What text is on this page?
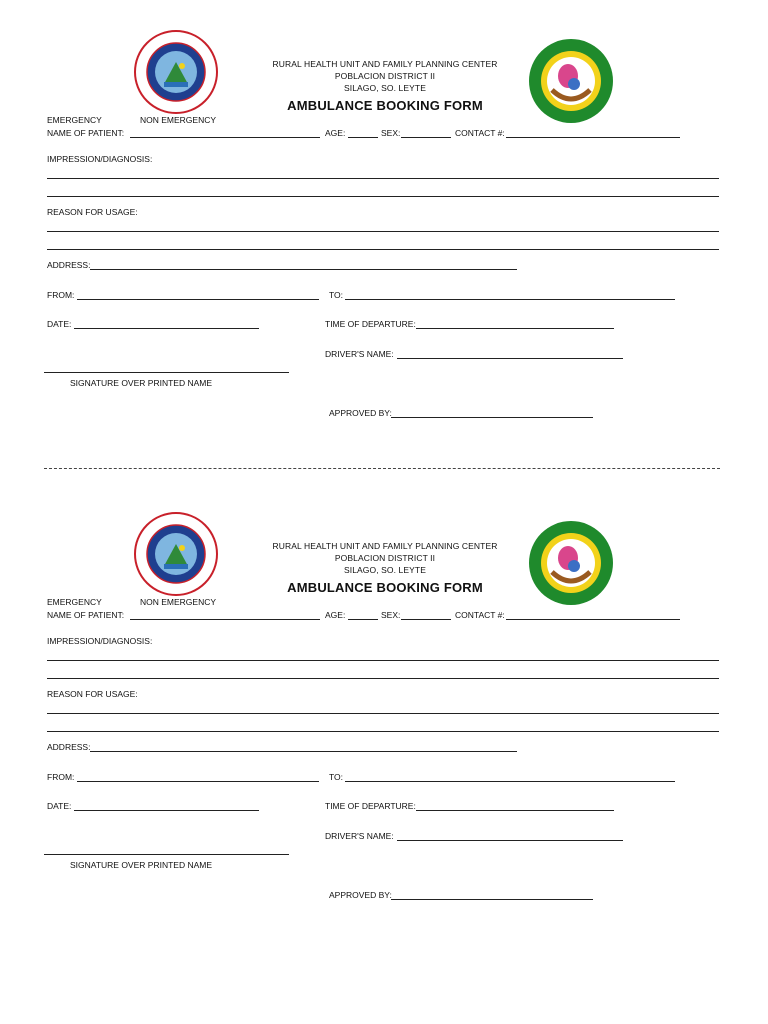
RURAL HEALTH UNIT AND FAMILY PLANNING CENTER
POBLACION DISTRICT II
SILAGO, SO. LEYTE
AMBULANCE BOOKING FORM
EMERGENCY	NON EMERGENCY
NAME OF PATIENT:	AGE:	SEX:	CONTACT #:
IMPRESSION/DIAGNOSIS:
REASON FOR USAGE:
ADDRESS:
FROM:	TO:
DATE:	TIME OF DEPARTURE:
DRIVER'S NAME:
SIGNATURE OVER PRINTED NAME
APPROVED BY:
RURAL HEALTH UNIT AND FAMILY PLANNING CENTER
POBLACION DISTRICT II
SILAGO, SO. LEYTE
AMBULANCE BOOKING FORM
EMERGENCY	NON EMERGENCY
NAME OF PATIENT:	AGE:	SEX:	CONTACT #:
IMPRESSION/DIAGNOSIS:
REASON FOR USAGE:
ADDRESS:
FROM:	TO:
DATE:	TIME OF DEPARTURE:
DRIVER'S NAME:
SIGNATURE OVER PRINTED NAME
APPROVED BY:
